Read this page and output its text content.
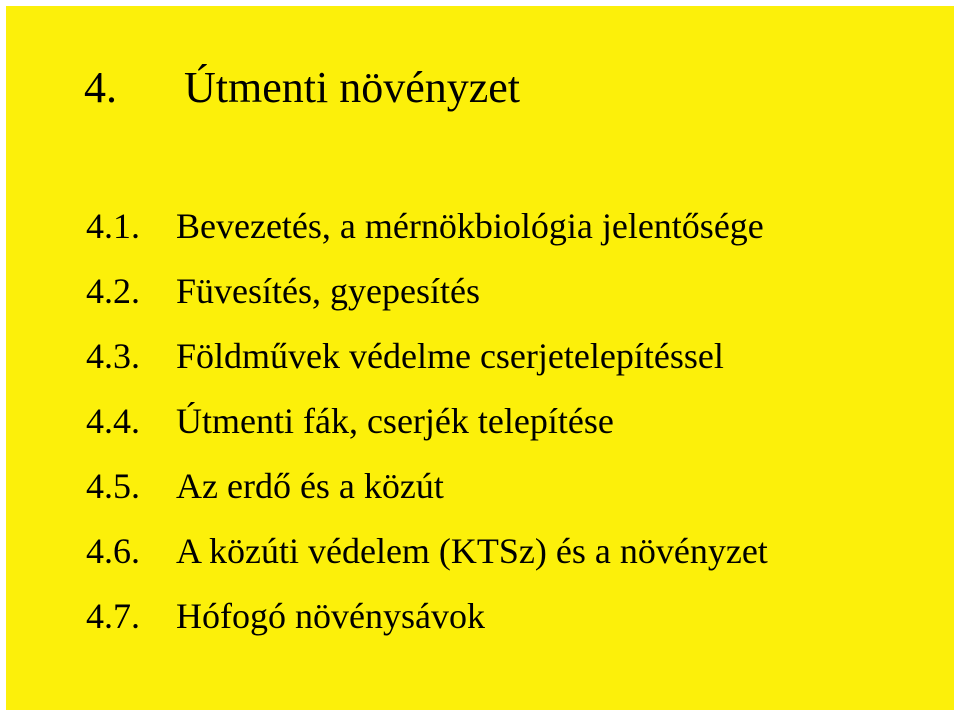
4. Útmenti növényzet
4.1. Bevezetés, a mérnökbiológia jelentősége
4.2. Füvesítés, gyepesítés
4.3. Földművek védelme cserjetelepítéssel
4.4. Útmenti fák, cserjék telepítése
4.5. Az erdő és a közút
4.6. A közúti védelem (KTSz) és a növényzet
4.7. Hófogó növénysávok
